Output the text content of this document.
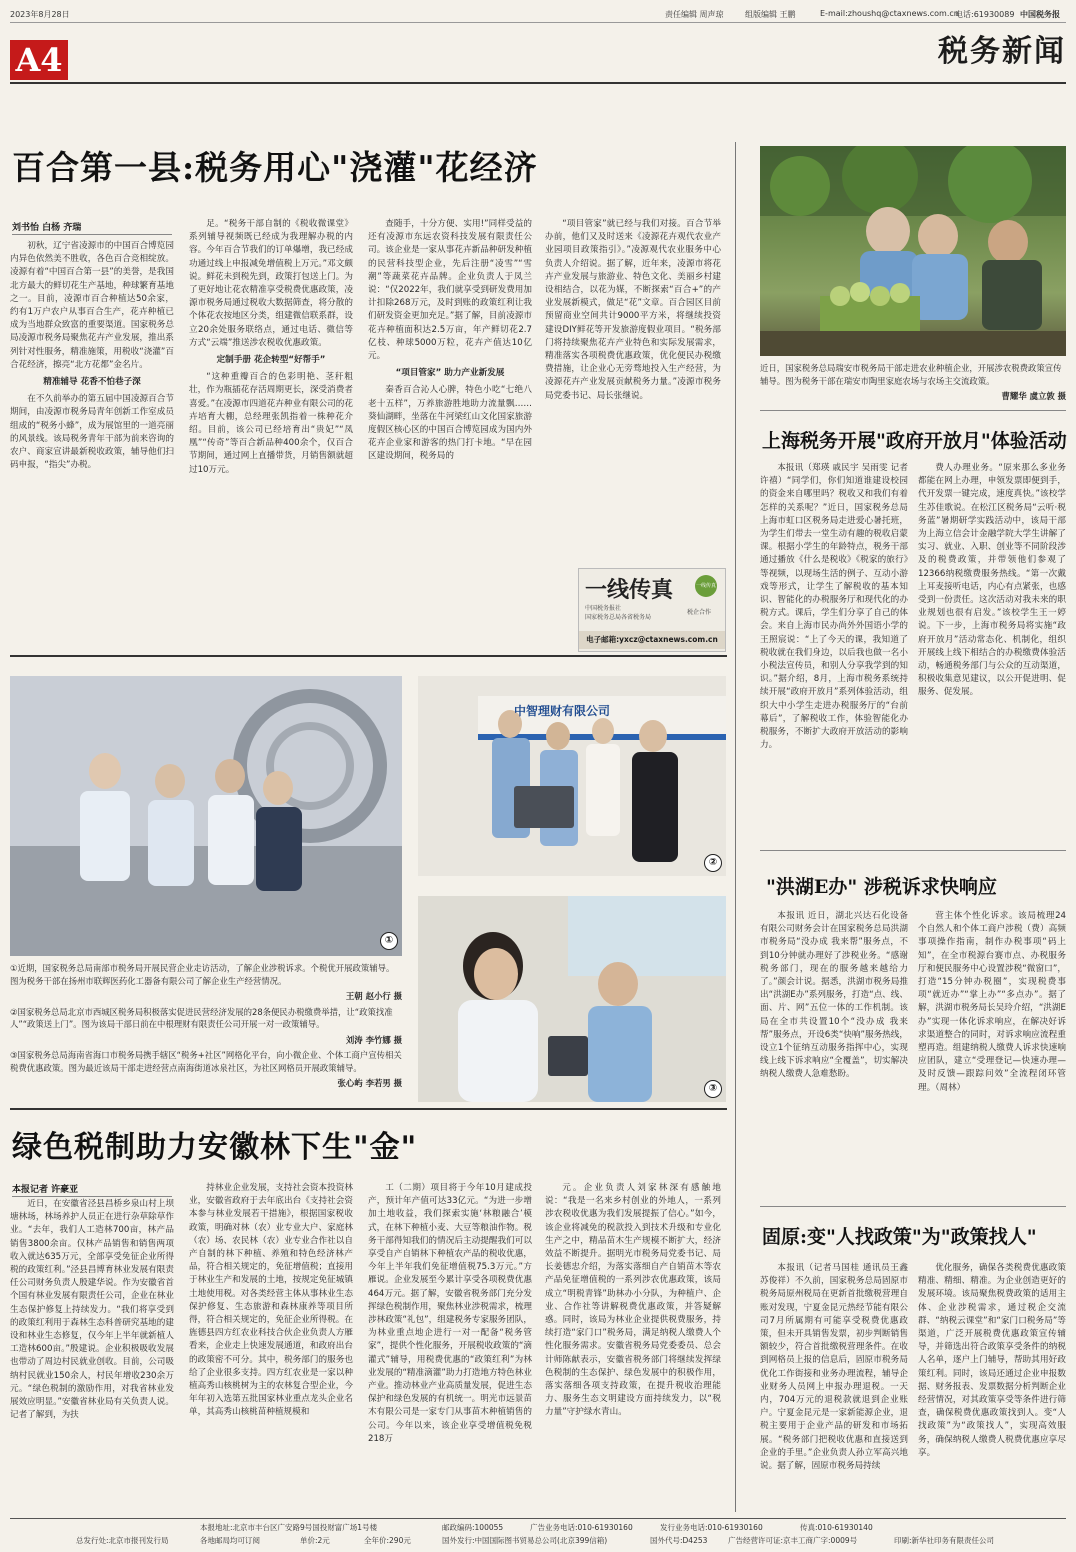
2023年8月28日	责任编辑 周声琼	组版编辑 王鹏	E-mail:zhoushq@ctaxnews.com.cn
电话:61930089 中国税务报
A4	税务新闻
百合第一县:税务用心"浇灌"花经济
刘书怡 白杨 齐瑞

初秋，辽宁省凌源市的中国百合博览园内异色依然美不胜收，各色百合竞相绽放。凌源有着“中国百合第一县”的美誉，是我国北方最大的鲜切花生产基地，种球繁育基地之一。目前，凌源市百合种植达50余家，约有1万户农户从事百合生产，花卉种植已成为当地群众致富的重要渠道。国家税务总局凌源市税务局聚焦花卉产业发展，推出系列针对性服务，精准施策，用税收“浇灌”百合花经济，擦亮“北方花都”金名片。

精准辅导 花香不怕巷子深

在不久前举办的第五届中国凌源百合节期间，由凌源市税务局青年创新工作室成员组成的“税务小蜂”，成为展馆里的一道亮丽的风景线。该局税务青年干部为前来咨询的农户、商家宣讲最新税收政策，辅导他们扫码申报，“指尖”办税。

足。“税务干部自制的《税收微课堂》系列辅导视频既已经成为我理解办税的内容。今年百合节我们的订单爆增，我已经成功通过线上申报减免增值税上万元。”邓文颇说。鲜花未到税先到，政策打包送上门。为了更好地让花农精准享受税费优惠政策，凌源市税务局通过税收大数据筛查，将分散的个体花农按地区分类，组建微信联系群，设立20余处服务联络点，通过电话、微信等方式“云端”推送涉农税收优惠政策。

定制手册 花企转型“好帮手”

“这种重瓣百合的色彩明艳、茎秆粗壮，作为瓶插花存活周期更长，深受消费者喜爱。”在凌源市四道花卉种业有限公司的花卉培育大棚，总经理张凯指着一株种花介绍。目前，该公司已经培育出“贵妃”“凤凰”“传奇”等百合新品种400余个，仅百合节期间，通过网上直播带货，月销售额就超过10万元。

查随手，十分方便、实用!”同样受益的还有凌源市东远农资科技发展有限责任公司。该企业是一家从事花卉新品种研发种植的民营科技型企业，先后注册“凌雪”“雪潮”等蔬菜花卉品牌。企业负责人于凤兰说：“仅2022年，我们就享受到研发费用加计扣除268万元，及时到账的政策红利让我们研发资金更加充足。”据了解，目前凌源市花卉种植面积达2.5万亩，年产鲜切花2.7亿枝、种球5000万粒，花卉产值达10亿元。

“项目管家” 助力产业新发展

秦香百合沁人心脾，特色小吃“七绝八老十五样”，万养旅游胜地助力流量飘……葵仙湖畔，坐落在牛河梁红山文化国家旅游度假区核心区的中国百合博览园成为国内外花卉企业家和游客的热门打卡地。“早在园区建设期间，税务局的

“项目管家”就已经与我们对接。百合节举办前，他们又及时送来《凌源花卉观代农业产业园项目政策指引》。”凌源观代农业服务中心负责人介绍说。据了解，近年来，凌源市将花卉产业发展与旅游业、特色文化、美丽乡村建设相结合，以花为媒，不断探索“百合+”的产业发展新模式，做足“花”文章。百合园区目前预留商业空间共计9000平方米，将继续投资建设DIY鲜花等开发旅游度假业项目。“税务部门将持续聚焦花卉产业特色和实际发展需求，精准落实各项税费优惠政策，优化便民办税缴费措施，让企业心无旁骛地投入生产经营，为凌源花卉产业发展贡献税务力量。”凌源市税务局党委书记、局长张继说。

一线传真	一线传真
中国税务报社
国家税务总局各省税务局
税企合作
电子邮箱:yxcz@ctaxnews.com.cn

近日，国家税务总局瑞安市税务局干部走进农业种植企业，开展涉农税费政策宣传辅导。图为税务干部在瑞安市陶里家庭农场与农场主交流政策。

曹耀华 虞立敦 摄

上海税务开展"政府开放月"体验活动

本报讯（郑瑛 戚民宇 吴雨雯 记者许禧）“同学们，你们知道谁建设校园的资金来自哪里吗？税收又和我们有着怎样的关系呢？”近日，国家税务总局上海市虹口区税务局走进爱心暑托班，为学生们带去一堂生动有趣的税收启蒙课。根据小学生的年龄特点，税务干部通过播放《什么是税收》《税家的旅行》等视频，以现场生活的例子、互动小游戏等形式，让学生了解税收的基本知识、智能化的办税服务厅和现代化的办税方式。课后，学生们分享了自己的体会。来自上海市民办尚外外国语小学的王照宸说：“上了今天的课，我知道了税收就在我们身边，以后我也做一名小小税法宣传员，和别人分享我学到的知识。”据介绍，8月，上海市税务系统持续开展“政府开放月”系列体验活动，组织大中小学生走进办税服务厅的“台前幕后”，了解税收工作，体验智能化办税服务，不断扩大政府开放活动的影响力。

费人办理业务。“原来那么多业务都能在网上办理，申领发票即便到手，代开发票一键完成，速度真快。”该校学生苏佳歌说。在松江区税务局“云听·税务蓝”暑期研学实践活动中，该局干部为上海立信会计金融学院大学生讲解了实习、就业、入职、创业等不同阶段涉及的税费政策，并带领他们参观了12366纳税缴费服务热线。“第一次戴上耳麦接听电话，内心有点紧张，也感受到一份责任。这次活动对我未来的职业规划也很有启发。”该校学生王一婷说。下一步，上海市税务局将实施“政府开放月”活动常态化、机制化，组织开展线上线下相结合的办税缴费体验活动，畅通税务部门与公众的互动渠道，积极收集意见建议，以公开促进明、促服务、促发展。

"洪湖E办" 涉税诉求快响应

本报讯 近日，湖北兴达石化设备有限公司财务会计在国家税务总局洪湖市税务局“没办成 我来帮”服务点，不到10分钟就办理好了涉税业务。“感谢税务部门，现在的服务越来越给力了。”颜会计说。据悉，洪湖市税务局推出“洪湖E办”系列服务，打造“点、线、面、片、网”五位一体的工作机制。该局在全市共设置10个“没办成 我来帮”服务点，开设6类“快响”服务热线，设立1个征纳互动服务指挥中心，实现线上线下诉求响应“全覆盖”，切实解决纳税人缴费人急难愁盼。

营主体个性化诉求。该局梳理24个自然人和个体工商户涉税（费）高频事项操作指南，制作办税事项“码上知”，在全市税源台赛市点、办税服务厅和便民服务中心设置涉税“微窗口”，打造“15分钟办税圈”，实现税费事项“就近办”“掌上办”“多点办”。据了解，洪湖市税务局长吴玲介绍，“洪湖E办”实现一体化诉求响应，在解决好诉求渠道整合的同时，对诉求响应流程重塑再造。组建纳税人缴费人诉求快速响应团队，建立“受理登记—快速办理—及时反馈—跟踪问效”全流程闭环管理。（周林）

固原:变"人找政策"为"政策找人"

本报讯（记者马国桂 通讯员王鑫 苏俊祥）不久前，国家税务总局固原市税务局原州税局在更新首批缴税营理自账对发现，宁夏金昆元热经节能有限公司7月所属期有可能享受税费优惠政策，但未开具销售发票，初步判断销售额较少，符合首批缴税营理条件。在收到网格员上报的信息后，固原市税务局优化工作街接和业务办理流程，辅导企业财务人员网上申报办理退税。一天内，704万元的退税款就退到企业账户。宁夏金昆元是一家新能源企业，退税主要用于企业产品的研发和市场拓展。“税务部门把税收优惠和直接送到企业的手里。”企业负责人孙立军高兴地说。据了解，固原市税务局持续

优化服务，确保各类税费优惠政策精准、精细、精准。为企业创造更好的发展环境。该局聚焦税费政策的适用主体、企业涉税需求，通过税企交流群、“纳税云课堂”和“家门口税务局”等渠道，广泛开展税费优惠政策宣传辅导，并筛选出符合政策享受条件的纳税人名单，逐户上门辅导，帮助其用好政策红利。同时，该局还通过企业申报数据、财务报表、发票数据分析判断企业经营情况，对其政策享受等条件进行筛查，确保税费优惠政策找到人。变“人找政策”为“政策找人”，实现高效服务，确保纳税人缴费人税费优惠应享尽享。

①
中智理财有限公司
②
③

①近期，国家税务总局南部市税务局开展民营企业走访活动，了解企业涉税诉求。个税优开展政策辅导。图为税务干部在扬州市联辉医药化工器备有限公司了解企业生产经营情况。

王朝 赵小行 摄

②国家税务总局北京市西城区税务局积极落实促进民营经济发展的28条便民办税缴费举措，让“政策找准人”“政策送上门”。图为该局干部日前在中根理财有限责任公司开展一对一政策辅导。

刘涛 李竹娜 摄

③国家税务总局海南省海口市税务局携手辖区“税务+社区”网格化平台，向小微企业、个体工商户宣传相关税费优惠政策。图为最近该局干部走进经营点南海街道冰泉社区，为社区网格员开展政策辅导。

张心屿 李若男 摄

绿色税制助力安徽林下生"金"
本报记者 许豪亚

近日，在安徽省泾县昌桥乡泉山村上坝塘林场，林场养护人员正在进行杂草除草作业。“去年，我们人工造林700亩，林产品销售3800余亩。仅林产品销售和销售两项收入就达635万元，全部享受免征企业所得税的政策红利。”泾县昌博育林业发展有限责任公司财务负责人殷建华说。作为安徽省首个国有林业发展有限责任公司，企业在林业生态保护修复上持续发力。“我们将享受到的政策红利用于森林生态科普研究基地的建设和林业生态修复，仅今年上半年就新植人工造林600亩。”殷建说。企业积极吸收发展也带动了周边村民就业创收。目前，公司吸纳村民就业150余人，村民年增收230余万元。“绿色税制的激励作用，对我省林业发展效应明显。”安徽省林业局有关负责人说。记者了解到，为扶

持林业企业发展，支持社会资本投资林业，安徽省政府于去年底出台《支持社会资本参与林业发展若干措施》，根据国家税收政策，明确对林（农）业专业大户、家庭林（农）场、农民林（农）业专业合作社以自产自制的林下种植、养殖和特色经济林产品，符合相关规定的，免征增值税；直接用于林业生产和发展的土地，按规定免征城镇土地使用税。对各类经营主体从事林业生态保护修复、生态旅游和森林康养等项目所得，符合相关规定的，免征企业所得税。在旌德县四方红农业科技合伙企业负责人方雁看来，企业走上快速发展通道，和政府出台的政策密不可分。其中，税务部门的服务也给了企业很多支持。四方红农业是一家以种植高秀山核桃树为主的农林复合型企业，今年年初入选第五批国家林业重点龙头企业名单，其高秀山核桃苗种植规模和

工（二期）项目将于今年10月建成投产，预计年产值可达33亿元。“为进一步增加土地收益，我们探索实施‘林粮融合’模式，在林下种植小麦、大豆等粮油作物。税务干部得知我们的情况后主动提醒我们可以享受自产自销林下种植农产品的税收优惠，今年上半年我们免征增值税75.3万元。”方雁说。企业发展至今累计享受各项税费优惠464万元。据了解，安徽省税务部门充分发挥绿色税制作用，聚焦林业涉税需求，梳理涉林政策“礼包”，组建税务专家服务团队，为林业重点地企进行一对一配备“税务管家”，提供个性化服务，开展税收政策的“滴灌式”辅导，用税费优惠的“政策红利”为林业发展的“精准滴灌”助力打造地方特色林业产业。推动林业产业高质量发展，促进生态保护和绿色发展的有机统一。明光市远景苗木有限公司是一家专门从事苗木种植销售的公司。今年以来，该企业享受增值税免税218万

元。企业负责人刘家林深有感触地说：“我是一名来乡村创业的外地人，一系列涉农税收优惠为我们发展提振了信心。”如今，该企业将减免的税款投入到技术升级和专业化生产之中，精品苗木生产规模不断扩大，经济效益不断提升。据明光市税务局党委书记、局长姜德忠介绍，为落实落细自产自销苗木等农产品免征增值税的一系列涉农优惠政策，该局成立“明税青锋”助林办小分队，为种植户、企业、合作社等讲解税费优惠政策，并答疑解惑。同时，该局为林业企业提供税费服务，持续打造“家门口”税务局，满足纳税人缴费人个性化服务需求。安徽省税务局党委委员、总会计师陈献表示，安徽省税务部门将继续发挥绿色税制的生态保护、绿色发展中的积极作用，落实落细各项支持政策，在提升税收治理能力、服务生态文明建设方面持续发力，以“税力量”守护绿水青山。

本报地址:北京市丰台区广安路9号国投财富广场1号楼	邮政编码:100055	广告业务电话:010-61930160	发行业务电话:010-61930160	传真:010-61930140
总发行处:北京市报刊发行局	各地邮局均可订阅	单价:2元	全年价:290元	国外发行:中国国际图书贸易总公司(北京399信箱)	国外代号:D4253	广告经营许可证:京丰工商广字:0009号	印刷:新华社印务有限责任公司
